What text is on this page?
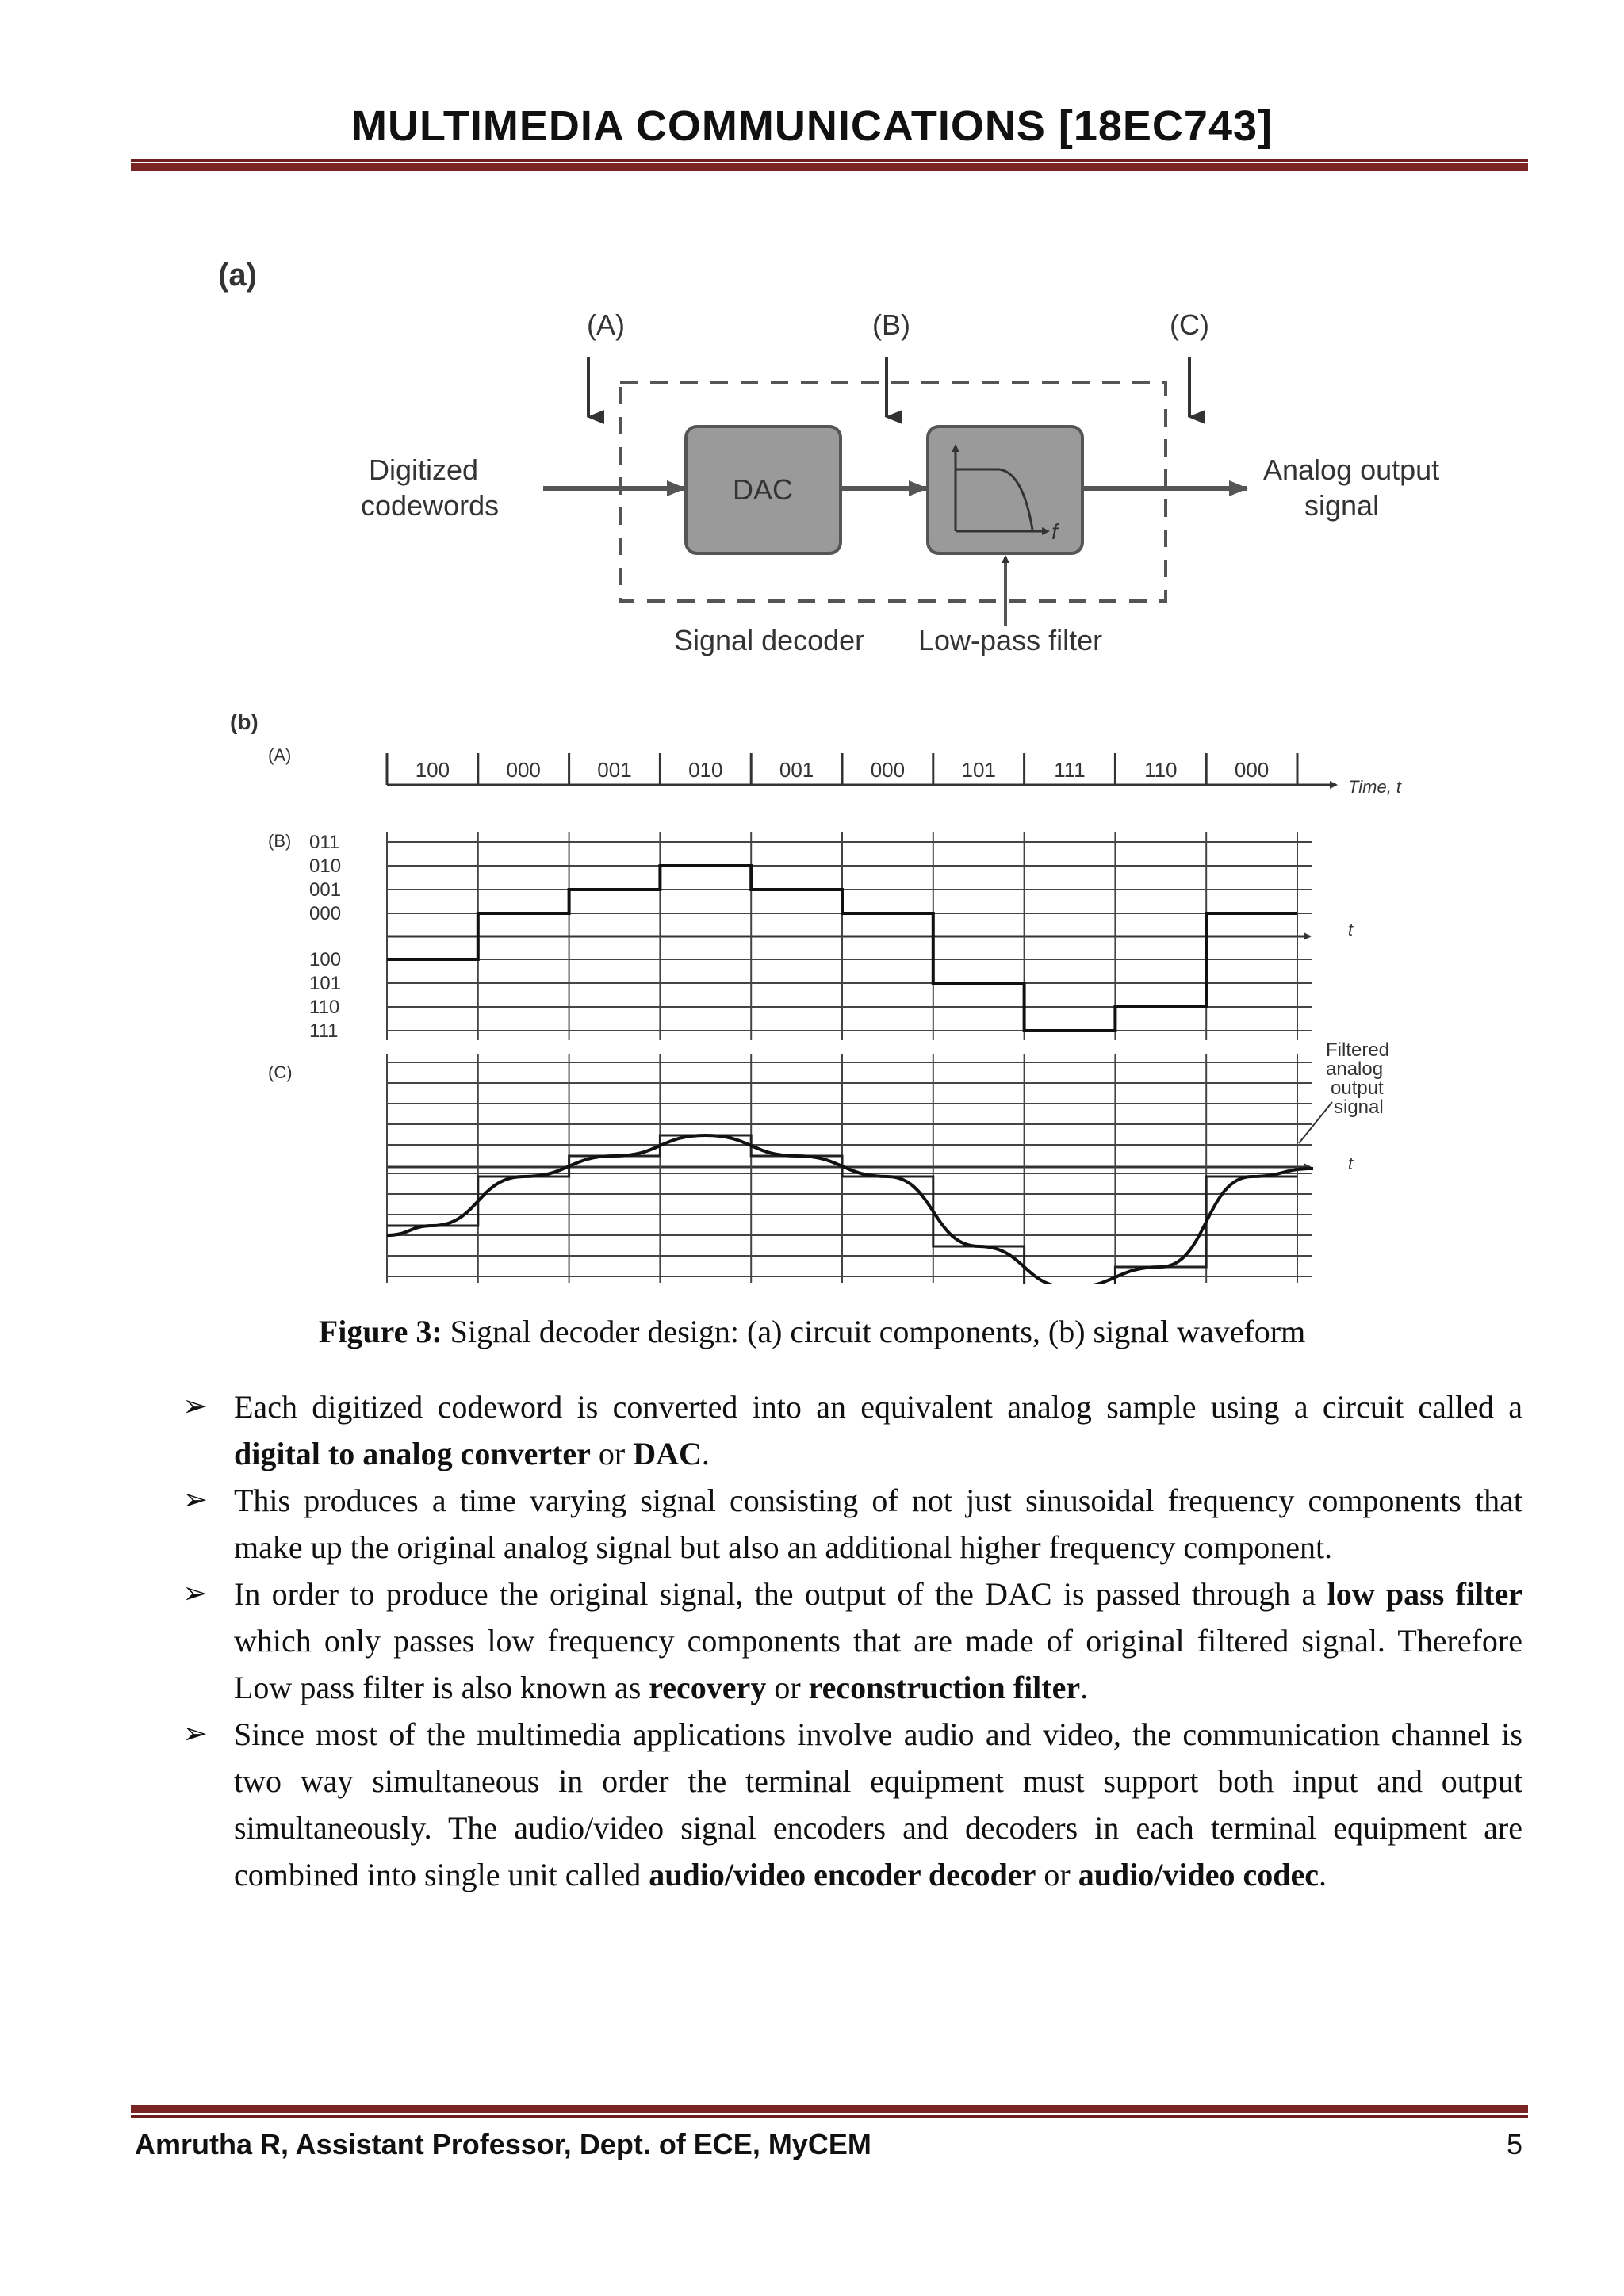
MULTIMEDIA COMMUNICATIONS [18EC743]
(a)
(A)	(B)	(C)
Digitized
codewords	DAC
f
Analog output
signal
Signal decoder Low-pass filter
(b)
(A)
(B)
(C)
100	000	001	010	001	000	101	111	110	000
011
010
001
000
100
101
110
111
Time, t
t
t
Filtered
analog
output
signal
Figure 3: Signal decoder design: (a) circuit components, (b) signal waveform
➢ Each digitized codeword is converted into an equivalent analog sample using a circuit called a digital to analog converter or DAC.
➢ This produces a time varying signal consisting of not just sinusoidal frequency components that make up the original analog signal but also an additional higher frequency component.
➢ In order to produce the original signal, the output of the DAC is passed through a low pass filter which only passes low frequency components that are made of original filtered signal. Therefore Low pass filter is also known as recovery or reconstruction filter.
➢ Since most of the multimedia applications involve audio and video, the communication channel is two way simultaneous in order the terminal equipment must support both input and output simultaneously. The audio/video signal encoders and decoders in each terminal equipment are combined into single unit called audio/video encoder decoder or audio/video codec.
Amrutha R, Assistant Professor, Dept. of ECE, MyCEM	5
